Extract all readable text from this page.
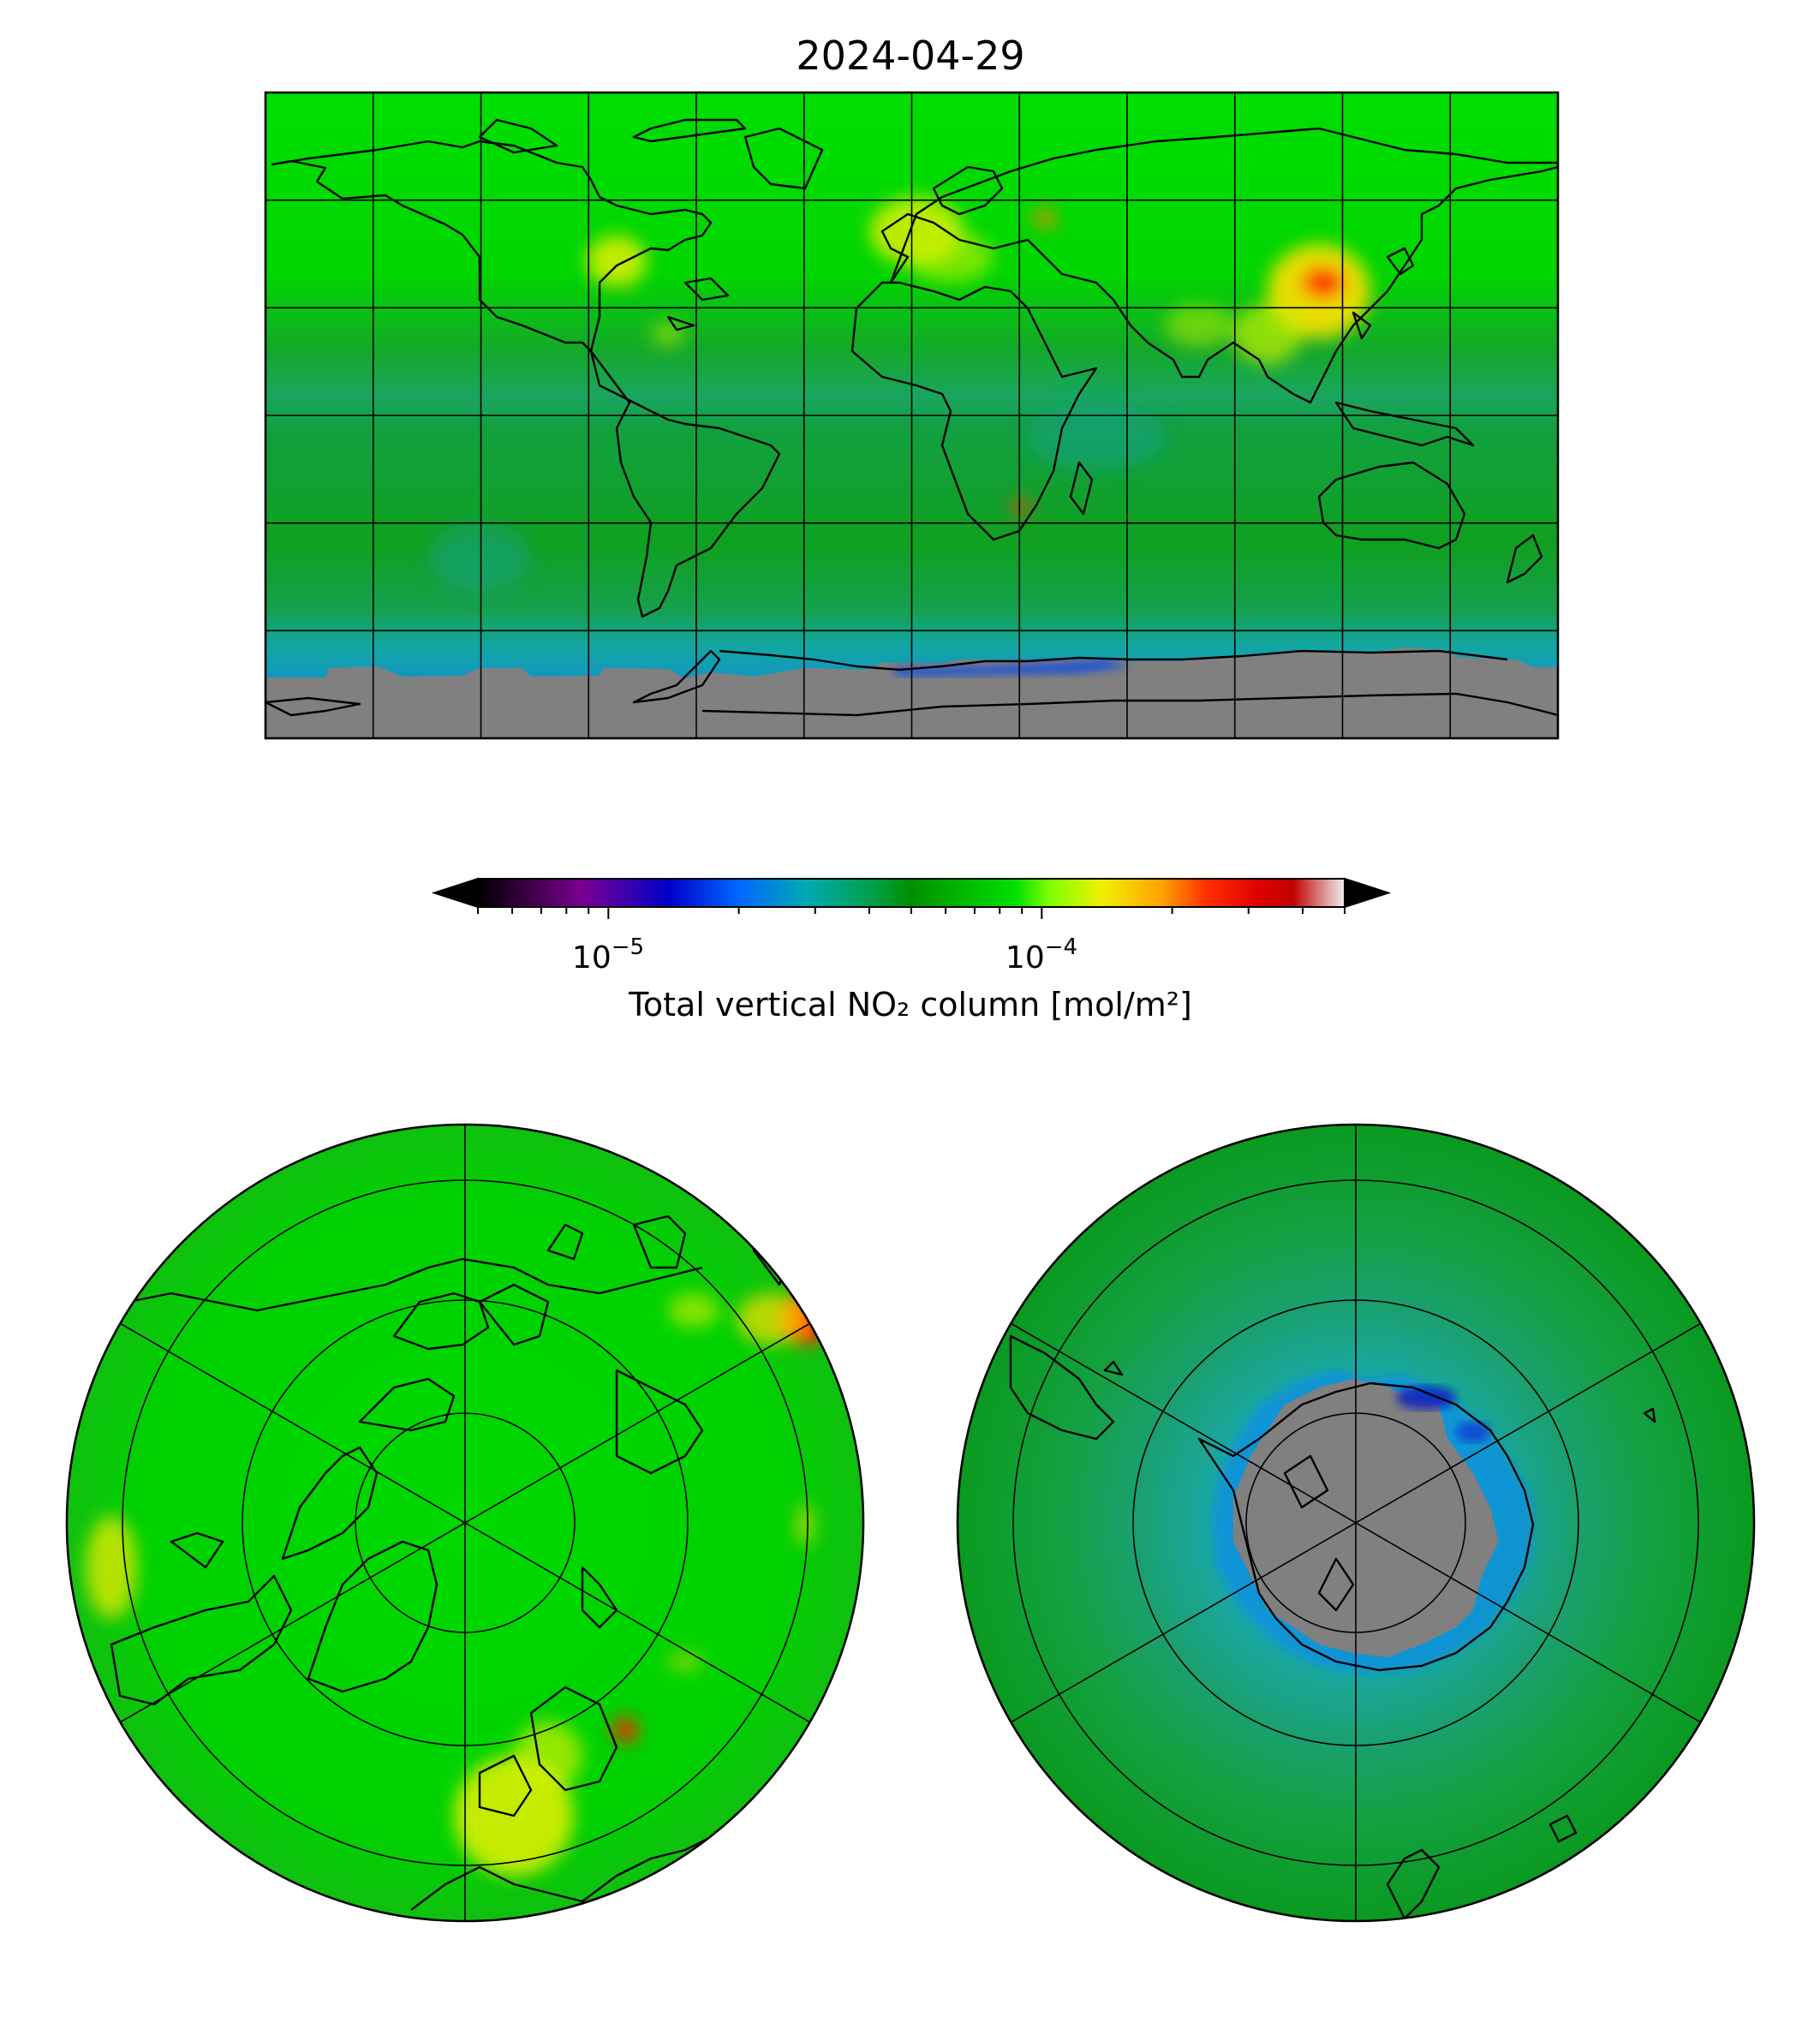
2024-04-29
$10^{-5}$	$10^{-4}$
Total vertical NO₂ column [mol/m²]
